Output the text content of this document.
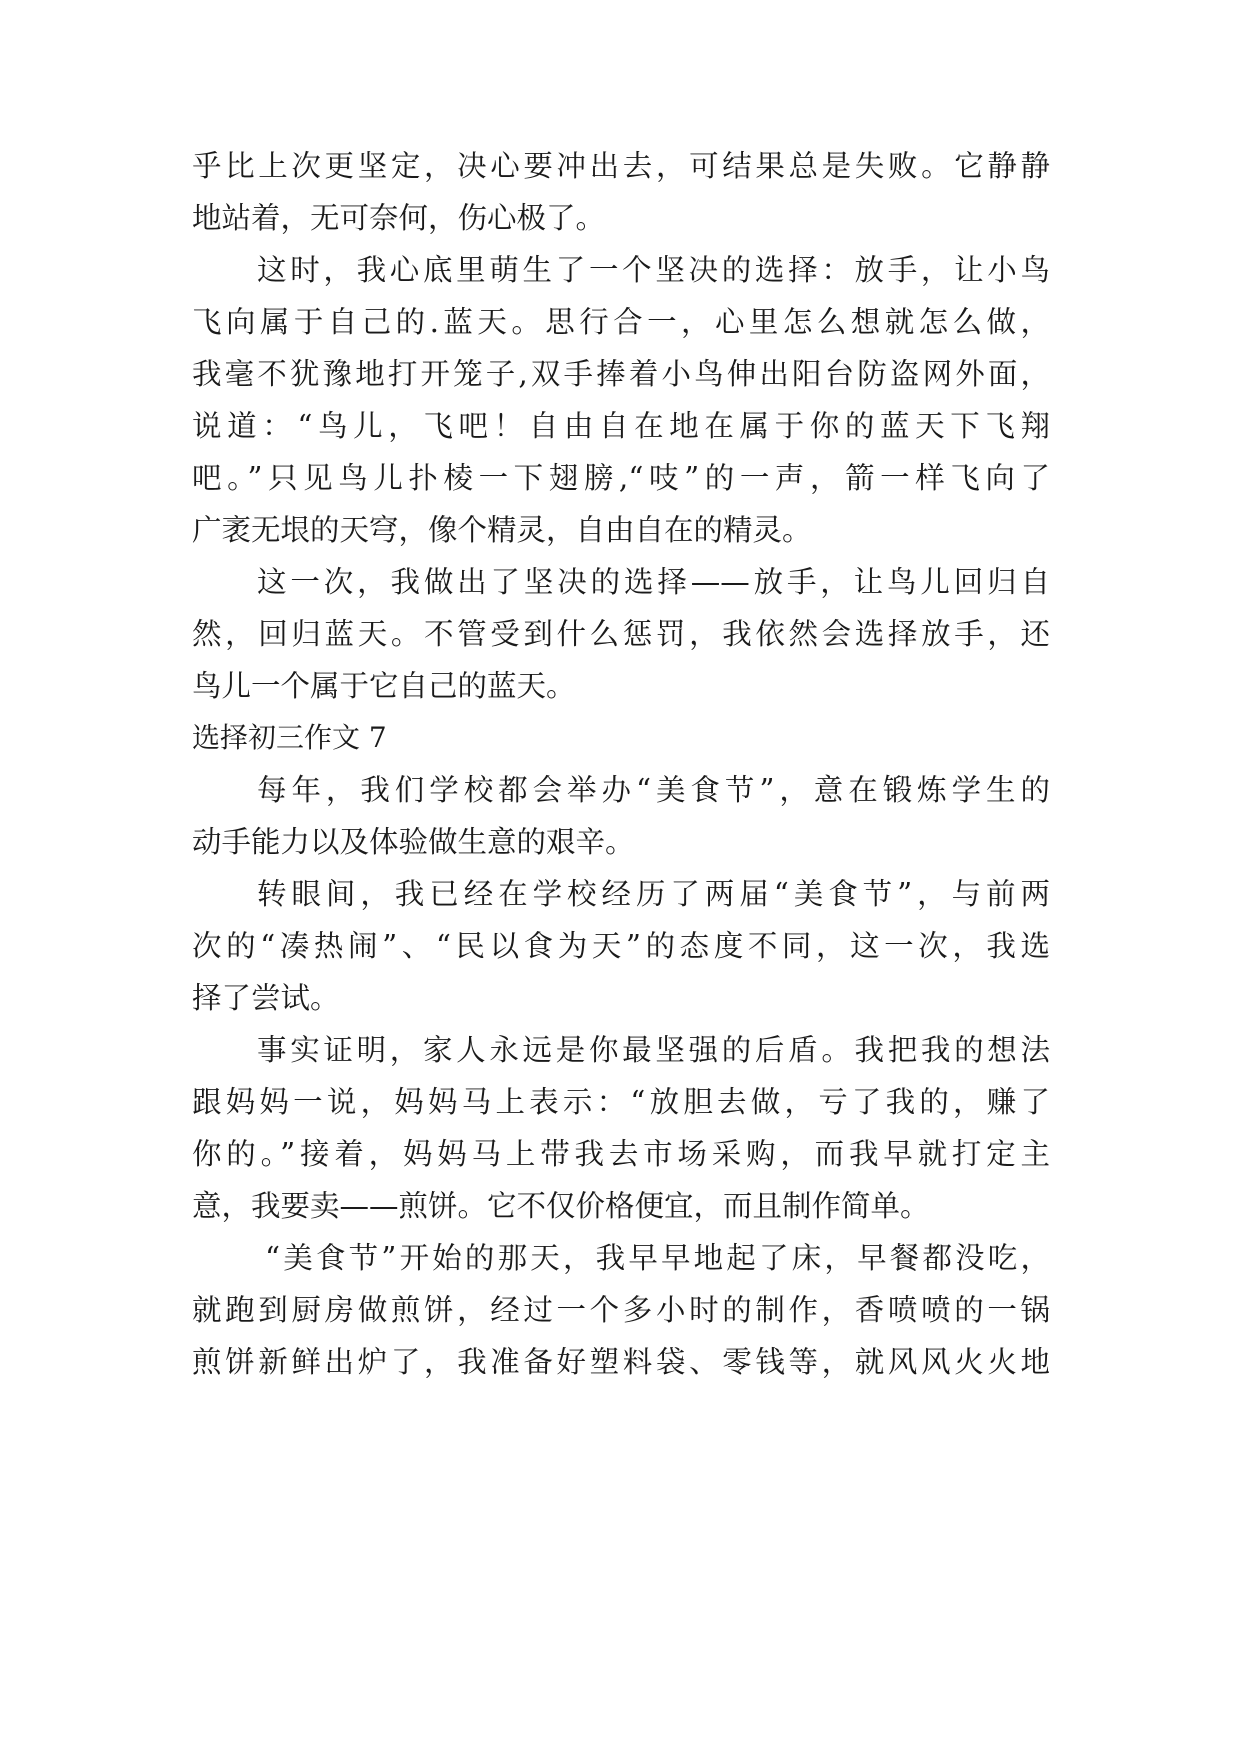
乎比上次更坚定，决心要冲出去，可结果总是失败。它静静
地站着，无可奈何，伤心极了。
这时，我心底里萌生了一个坚决的选择：放手，让小鸟
飞向属于自己的.蓝天。思行合一，心里怎么想就怎么做，
我毫不犹豫地打开笼子,双手捧着小鸟伸出阳台防盗网外面，
说道：“鸟儿，飞吧！自由自在地在属于你的蓝天下飞翔
吧。”只见鸟儿扑棱一下翅膀,“吱”的一声，箭一样飞向了
广袤无垠的天穹，像个精灵，自由自在的精灵。
这一次，我做出了坚决的选择——放手，让鸟儿回归自
然，回归蓝天。不管受到什么惩罚，我依然会选择放手，还
鸟儿一个属于它自己的蓝天。
选择初三作文 7
每年，我们学校都会举办“美食节”，意在锻炼学生的
动手能力以及体验做生意的艰辛。
转眼间，我已经在学校经历了两届“美食节”，与前两
次的“凑热闹”、“民以食为天”的态度不同，这一次，我选
择了尝试。
事实证明，家人永远是你最坚强的后盾。我把我的想法
跟妈妈一说，妈妈马上表示：“放胆去做，亏了我的，赚了
你的。”接着，妈妈马上带我去市场采购，而我早就打定主
意，我要卖——煎饼。它不仅价格便宜，而且制作简单。
“美食节”开始的那天，我早早地起了床，早餐都没吃，
就跑到厨房做煎饼，经过一个多小时的制作，香喷喷的一锅
煎饼新鲜出炉了，我准备好塑料袋、零钱等，就风风火火地
